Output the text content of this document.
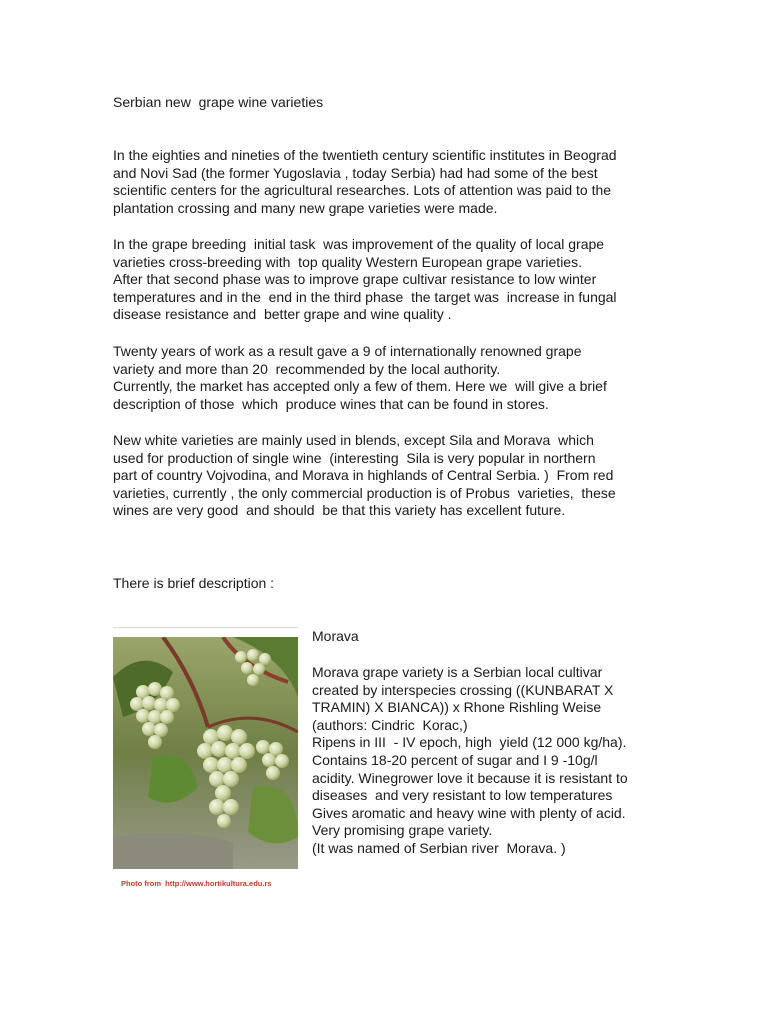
Serbian new  grape wine varieties

In the eighties and nineties of the twentieth century scientific institutes in Beograd
and Novi Sad (the former Yugoslavia , today Serbia) had had some of the best
scientific centers for the agricultural researches. Lots of attention was paid to the
plantation crossing and many new grape varieties were made.

In the grape breeding  initial task  was improvement of the quality of local grape
varieties cross-breeding with  top quality Western European grape varieties.
After that second phase was to improve grape cultivar resistance to low winter
temperatures and in the  end in the third phase  the target was  increase in fungal
disease resistance and  better grape and wine quality .

Twenty years of work as a result gave a 9 of internationally renowned grape
variety and more than 20  recommended by the local authority.
Currently, the market has accepted only a few of them. Here we  will give a brief
description of those  which  produce wines that can be found in stores.

New white varieties are mainly used in blends, except Sila and Morava  which
used for production of single wine  (interesting  Sila is very popular in northern
part of country Vojvodina, and Morava in highlands of Central Serbia. )  From red
varieties, currently , the only commercial production is of Probus  varieties,  these
wines are very good  and should  be that this variety has excellent future.

There is brief description :
Photo from  http://www.hortikultura.edu.rs
Morava

Morava grape variety is a Serbian local cultivar
created by interspecies crossing ((KUNBARAT X
TRAMIN) X BIANCA)) x Rhone Rishling Weise
(authors: Cindric  Korac,)
Ripens in III  - IV epoch, high  yield (12 000 kg/ha).
Contains 18-20 percent of sugar and I 9 -10g/l
acidity. Winegrower love it because it is resistant to
diseases  and very resistant to low temperatures
Gives aromatic and heavy wine with plenty of acid.
Very promising grape variety.
(It was named of Serbian river  Morava. )
